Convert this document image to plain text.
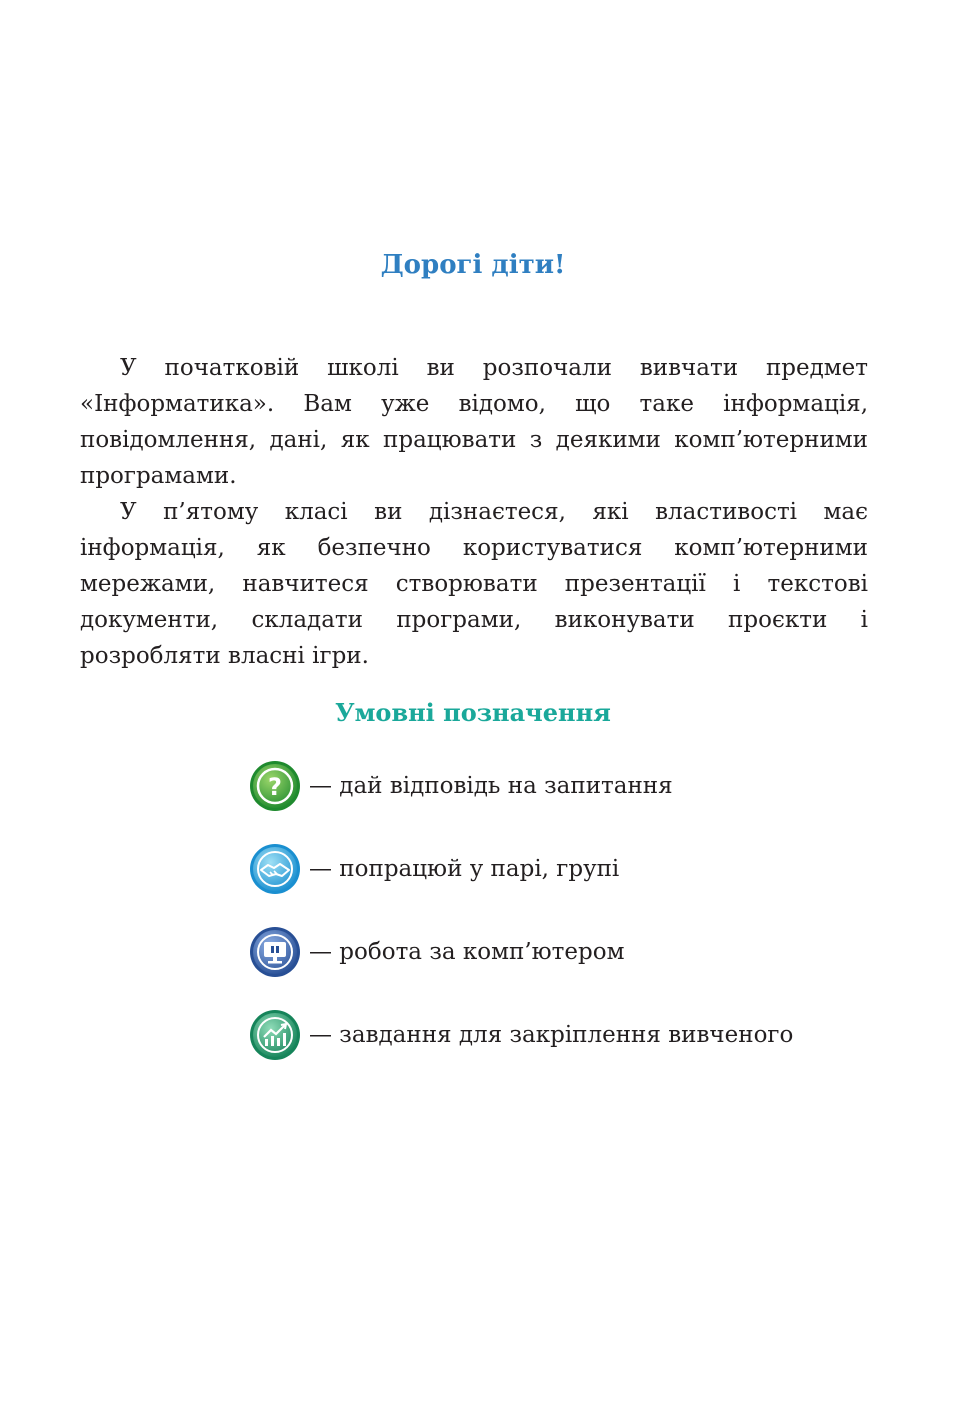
Дорогі діти!

У початковій школі ви розпочали вивчати предмет «Інформатика». Вам уже відомо, що таке інформація, повідомлення, дані, як працювати з деякими комп’ютерними програмами.

У п’ятому класі ви дізнаєтеся, які властивості має інформація, як безпечно користуватися комп’ютерними мережами, навчитеся створювати презентації і текстові документи, складати програми, виконувати проєкти і розробляти власні ігри.

Умовні позначення
? — дай відповідь на запитання
— попрацюй у парі, групі
— робота за комп’ютером
— завдання для закріплення вивченого
